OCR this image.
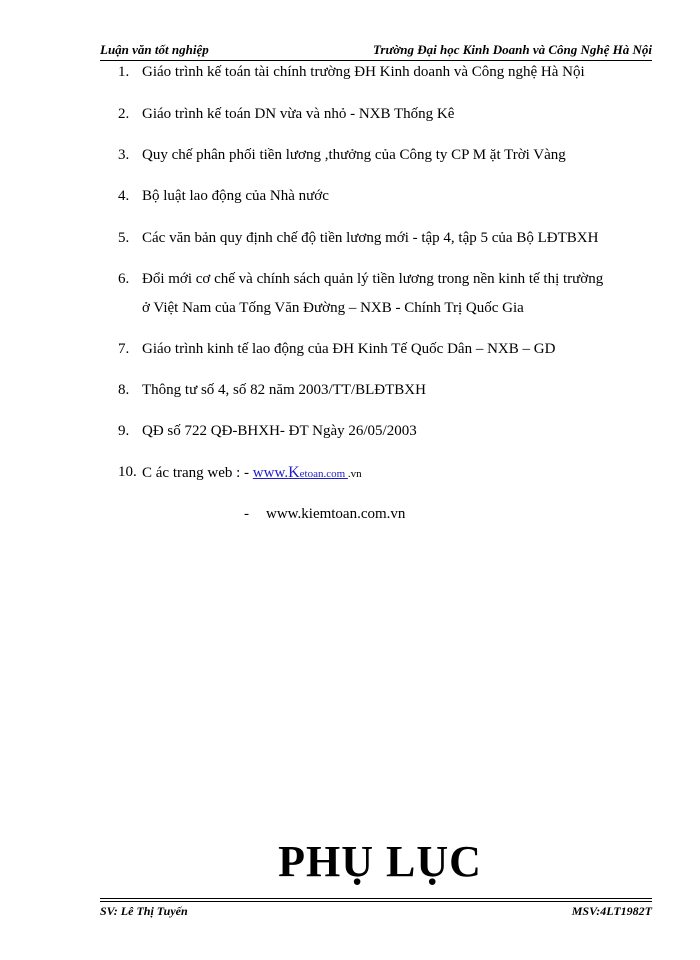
Luận văn tốt nghiệp	Trường Đại học Kinh Doanh và Công Nghệ Hà Nội
1. Giáo trình kế toán tài chính trường ĐH Kinh doanh và Công nghệ Hà Nội
2. Giáo trình kế toán DN vừa và nhỏ - NXB Thống Kê
3. Quy chế phân phối tiền lương ,thưởng của Công ty CP M ặt Trời Vàng
4. Bộ luật lao động của Nhà nước
5. Các văn bản quy định chế độ tiền lương mới - tập 4, tập 5 của Bộ LĐTBXH
6. Đổi mới cơ chế và chính sách quản lý tiền lương trong nền kinh tế thị trường
ở Việt Nam của Tống Văn Đường – NXB - Chính Trị Quốc Gia
7. Giáo trình kinh tế lao động của ĐH Kinh Tế Quốc Dân – NXB – GD
8. Thông tư số 4, số 82 năm 2003/TT/BLĐTBXH
9. QĐ số 722 QĐ-BHXH- ĐT Ngày 26/05/2003
10. C ác trang web : - www.Ketoan.com .vn
- www.kiemtoan.com.vn
PHỤ LỤC
SV: Lê Thị Tuyến	MSV:4LT1982T
